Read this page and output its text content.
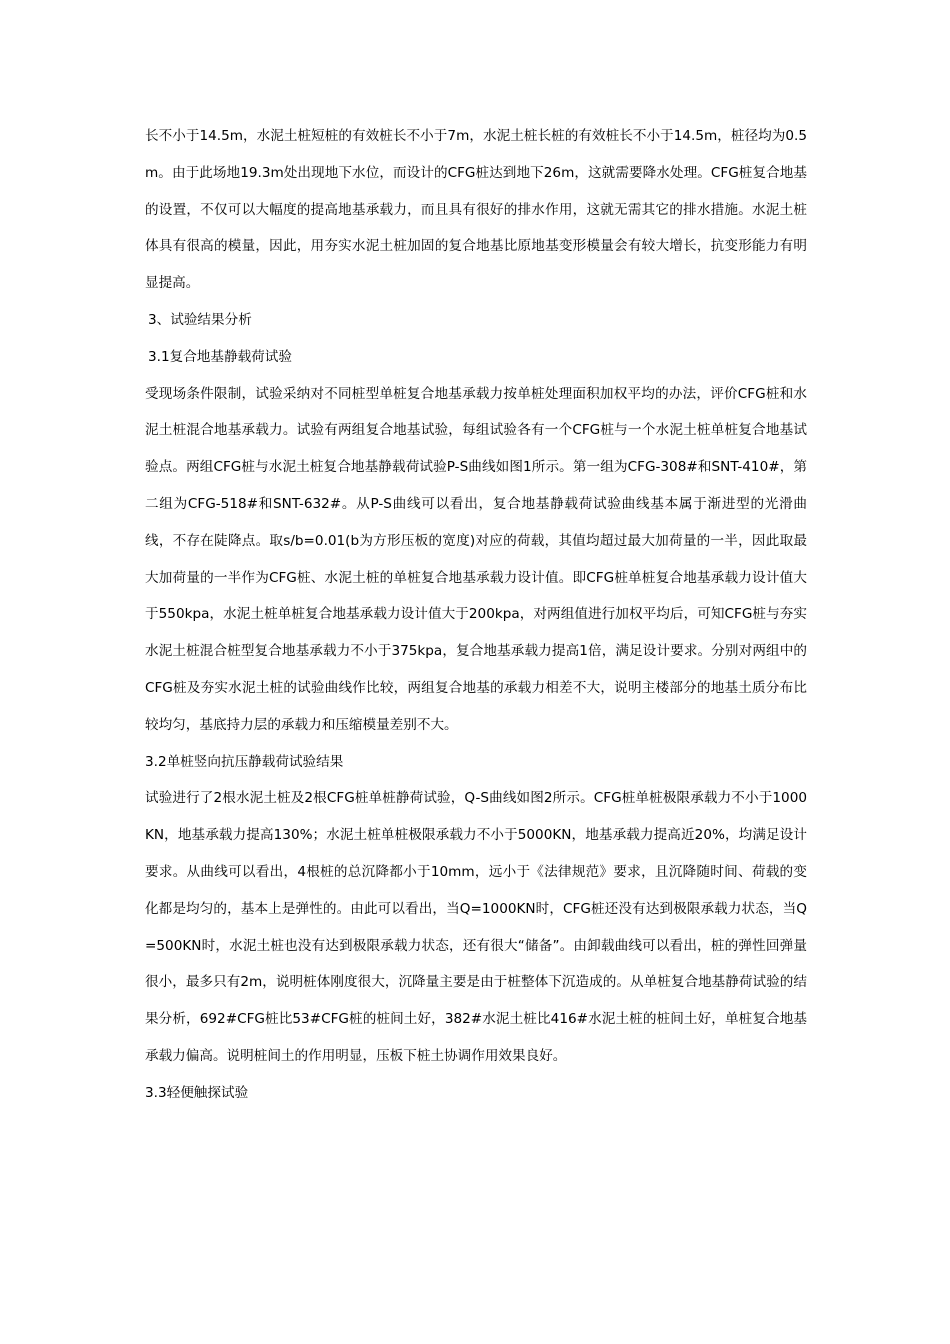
长不小于14.5m，水泥土桩短桩的有效桩长不小于7m，水泥土桩长桩的有效桩长不小于14.5m，桩径均为0.5m。由于此场地19.3m处出现地下水位，而设计的CFG桩达到地下26m，这就需要降水处理。CFG桩复合地基的设置，不仅可以大幅度的提高地基承载力，而且具有很好的排水作用，这就无需其它的排水措施。水泥土桩体具有很高的模量，因此，用夯实水泥土桩加固的复合地基比原地基变形模量会有较大增长，抗变形能力有明显提高。

3、试验结果分析

3.1复合地基静载荷试验

受现场条件限制，试验采纳对不同桩型单桩复合地基承载力按单桩处理面积加权平均的办法，评价CFG桩和水泥土桩混合地基承载力。试验有两组复合地基试验，每组试验各有一个CFG桩与一个水泥土桩单桩复合地基试验点。两组CFG桩与水泥土桩复合地基静载荷试验P-S曲线如图1所示。第一组为CFG-308#和SNT-410#，第二组为CFG-518#和SNT-632#。从P-S曲线可以看出，复合地基静载荷试验曲线基本属于渐进型的光滑曲线，不存在陡降点。取s/b=0.01(b为方形压板的宽度)对应的荷载，其值均超过最大加荷量的一半，因此取最大加荷量的一半作为CFG桩、水泥土桩的单桩复合地基承载力设计值。即CFG桩单桩复合地基承载力设计值大于550kpa，水泥土桩单桩复合地基承载力设计值大于200kpa，对两组值进行加权平均后，可知CFG桩与夯实水泥土桩混合桩型复合地基承载力不小于375kpa，复合地基承载力提高1倍，满足设计要求。分别对两组中的CFG桩及夯实水泥土桩的试验曲线作比较，两组复合地基的承载力相差不大，说明主楼部分的地基土质分布比较均匀，基底持力层的承载力和压缩模量差别不大。

3.2单桩竖向抗压静载荷试验结果

试验进行了2根水泥土桩及2根CFG桩单桩静荷试验，Q-S曲线如图2所示。CFG桩单桩极限承载力不小于1000KN，地基承载力提高130%；水泥土桩单桩极限承载力不小于5000KN，地基承载力提高近20%，均满足设计要求。从曲线可以看出，4根桩的总沉降都小于10mm，远小于《法律规范》要求，且沉降随时间、荷载的变化都是均匀的，基本上是弹性的。由此可以看出，当Q=1000KN时，CFG桩还没有达到极限承载力状态，当Q=500KN时，水泥土桩也没有达到极限承载力状态，还有很大“储备”。由卸载曲线可以看出，桩的弹性回弹量很小，最多只有2m，说明桩体刚度很大，沉降量主要是由于桩整体下沉造成的。从单桩复合地基静荷试验的结果分析，692#CFG桩比53#CFG桩的桩间土好，382#水泥土桩比416#水泥土桩的桩间土好，单桩复合地基承载力偏高。说明桩间土的作用明显，压板下桩土协调作用效果良好。

3.3轻便触探试验
